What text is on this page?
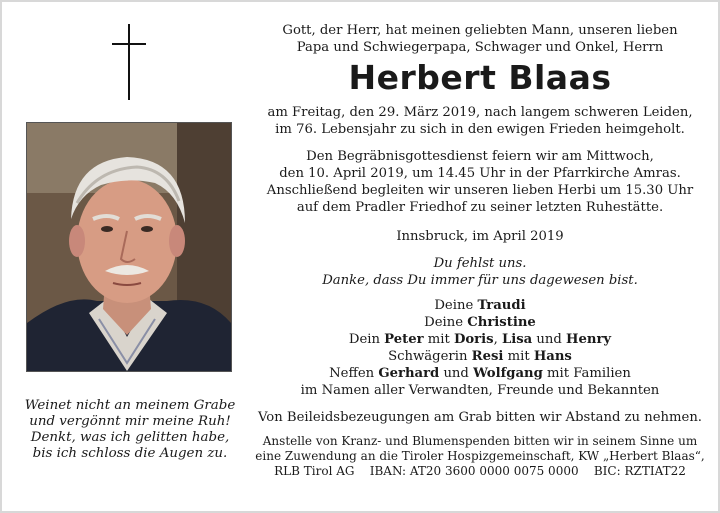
Weinet nicht an meinem Grabe
und vergönnt mir meine Ruh!
Denkt, was ich gelitten habe,
bis ich schloss die Augen zu.
Gott, der Herr, hat meinen geliebten Mann, unseren lieben
Papa und Schwiegerpapa, Schwager und Onkel, Herrn
Herbert Blaas
am Freitag, den 29. März 2019, nach langem schweren Leiden,
im 76. Lebensjahr zu sich in den ewigen Frieden heimgeholt.
Den Begräbnisgottesdienst feiern wir am Mittwoch,
den 10. April 2019, um 14.45 Uhr in der Pfarrkirche Amras.
Anschließend begleiten wir unseren lieben Herbi um 15.30 Uhr
auf dem Pradler Friedhof zu seiner letzten Ruhestätte.
Innsbruck, im April 2019
Du fehlst uns.
Danke, dass Du immer für uns dagewesen bist.
Deine Traudi
Deine Christine
Dein Peter mit Doris, Lisa und Henry
Schwägerin Resi mit Hans
Neffen Gerhard und Wolfgang mit Familien
im Namen aller Verwandten, Freunde und Bekannten
Von Beileidsbezeugungen am Grab bitten wir Abstand zu nehmen.
Anstelle von Kranz- und Blumenspenden bitten wir in seinem Sinne um
eine Zuwendung an die Tiroler Hospizgemeinschaft, KW „Herbert Blaas“,
RLB Tirol AG    IBAN: AT20 3600 0000 0075 0000    BIC: RZTIAT22
